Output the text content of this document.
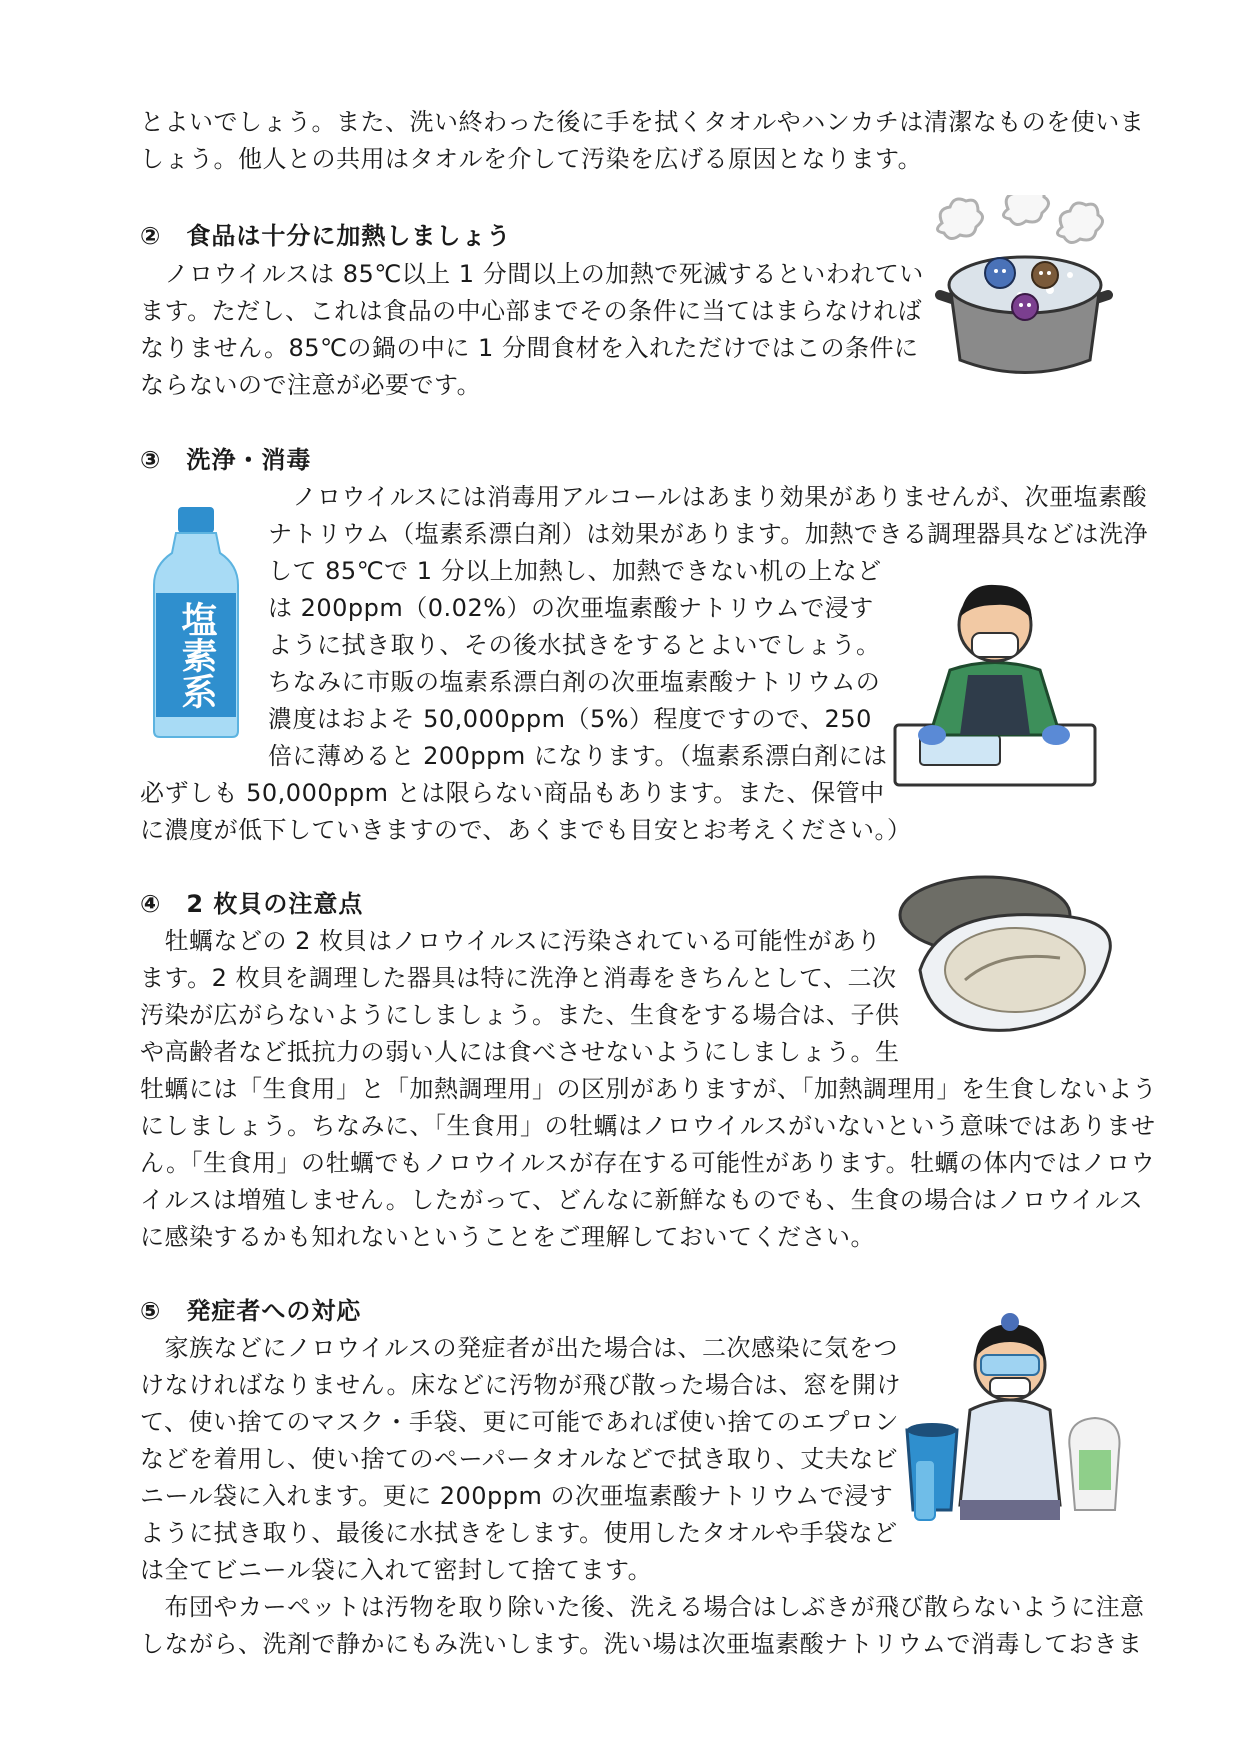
とよいでしょう。また、洗い終わった後に手を拭くタオルやハンカチは清潔なものを使いま
しょう。他人との共用はタオルを介して汚染を広げる原因となります。
②　食品は十分に加熱しましょう
　ノロウイルスは 85℃以上 1 分間以上の加熱で死滅するといわれてい
ます。ただし、これは食品の中心部までその条件に当てはまらなければ
なりません。85℃の鍋の中に 1 分間食材を入れただけではこの条件に
ならないので注意が必要です。
③　洗浄・消毒
　ノロウイルスには消毒用アルコールはあまり効果がありませんが、次亜塩素酸
ナトリウム（塩素系漂白剤）は効果があります。加熱できる調理器具などは洗浄
して 85℃で 1 分以上加熱し、加熱できない机の上など
は 200ppm（0.02%）の次亜塩素酸ナトリウムで浸す
ように拭き取り、その後水拭きをするとよいでしょう。
ちなみに市販の塩素系漂白剤の次亜塩素酸ナトリウムの
濃度はおよそ 50,000ppm（5%）程度ですので、250
倍に薄めると 200ppm になります。（塩素系漂白剤には
必ずしも 50,000ppm とは限らない商品もあります。また、保管中
に濃度が低下していきますので、あくまでも目安とお考えください。）
塩素系
④　2 枚貝の注意点
　牡蠣などの 2 枚貝はノロウイルスに汚染されている可能性があり
ます。2 枚貝を調理した器具は特に洗浄と消毒をきちんとして、二次
汚染が広がらないようにしましょう。また、生食をする場合は、子供
や高齢者など抵抗力の弱い人には食べさせないようにしましょう。生
牡蠣には「生食用」と「加熱調理用」の区別がありますが、「加熱調理用」を生食しないよう
にしましょう。ちなみに、「生食用」の牡蠣はノロウイルスがいないという意味ではありませ
ん。「生食用」の牡蠣でもノロウイルスが存在する可能性があります。牡蠣の体内ではノロウ
イルスは増殖しません。したがって、どんなに新鮮なものでも、生食の場合はノロウイルス
に感染するかも知れないということをご理解しておいてください。
⑤　発症者への対応
　家族などにノロウイルスの発症者が出た場合は、二次感染に気をつ
けなければなりません。床などに汚物が飛び散った場合は、窓を開け
て、使い捨てのマスク・手袋、更に可能であれば使い捨てのエプロン
などを着用し、使い捨てのペーパータオルなどで拭き取り、丈夫なビ
ニール袋に入れます。更に 200ppm の次亜塩素酸ナトリウムで浸す
ように拭き取り、最後に水拭きをします。使用したタオルや手袋など
は全てビニール袋に入れて密封して捨てます。
　布団やカーペットは汚物を取り除いた後、洗える場合はしぶきが飛び散らないように注意
しながら、洗剤で静かにもみ洗いします。洗い場は次亜塩素酸ナトリウムで消毒しておきま
